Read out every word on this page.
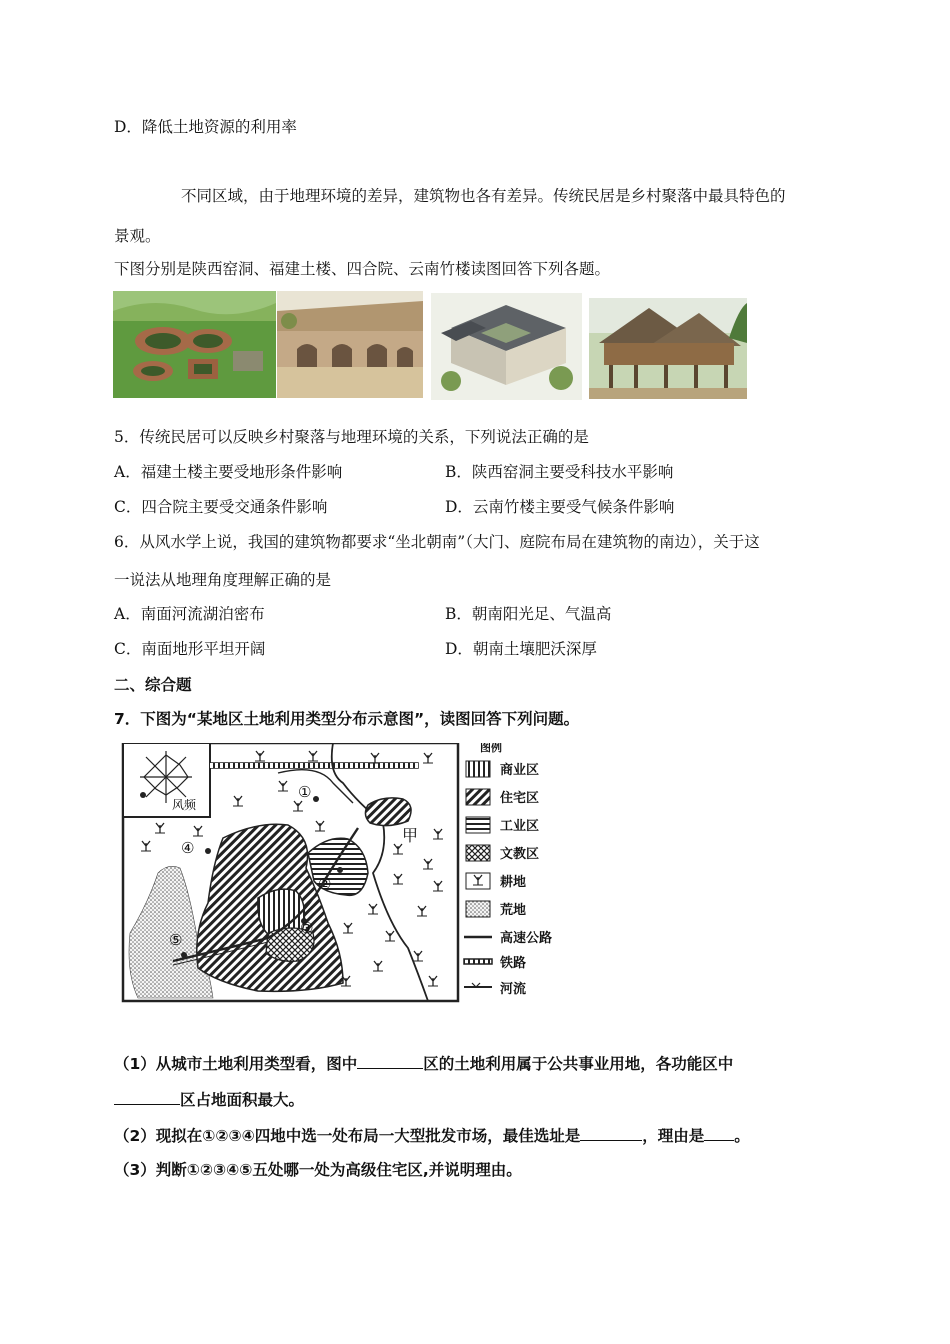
D．降低土地资源的利用率
不同区域，由于地理环境的差异，建筑物也各有差异。传统民居是乡村聚落中最具特色的
景观。
下图分别是陕西窑洞、福建土楼、四合院、云南竹楼读图回答下列各题。
5．传统民居可以反映乡村聚落与地理环境的关系，下列说法正确的是
A．福建土楼主要受地形条件影响	B．陕西窑洞主要受科技水平影响
C．四合院主要受交通条件影响	D．云南竹楼主要受气候条件影响
6．从风水学上说，我国的建筑物都要求“坐北朝南”（大门、庭院布局在建筑物的南边），关于这
一说法从地理角度理解正确的是
A．南面河流湖泊密布	B．朝南阳光足、气温高
C．南面地形平坦开阔	D．朝南土壤肥沃深厚
二、综合题
7．下图为“某地区土地利用类型分布示意图”，读图回答下列问题。
风频
①
②
③
④
⑤
甲
图例
商业区
住宅区
工业区
文教区
耕地
荒地
高速公路
铁路
河流
（1）从城市土地利用类型看，图中	区的土地利用属于公共事业用地，各功能区中
区占地面积最大。
（2）现拟在①②③④四地中选一处布局一大型批发市场，最佳选址是	，理由是 。
（3）判断①②③④⑤五处哪一处为高级住宅区,并说明理由。
